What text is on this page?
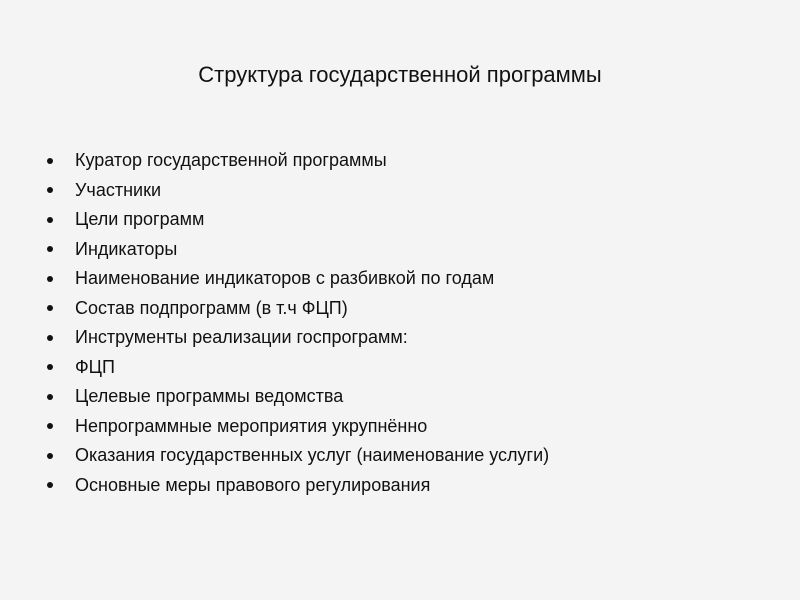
Структура государственной программы
Куратор государственной программы
Участники
Цели программ
Индикаторы
Наименование индикаторов с разбивкой по годам
Состав подпрограмм (в т.ч ФЦП)
Инструменты реализации госпрограмм:
ФЦП
Целевые программы ведомства
Непрограммные мероприятия укрупнённо
Оказания государственных услуг (наименование услуги)
Основные меры правового регулирования
